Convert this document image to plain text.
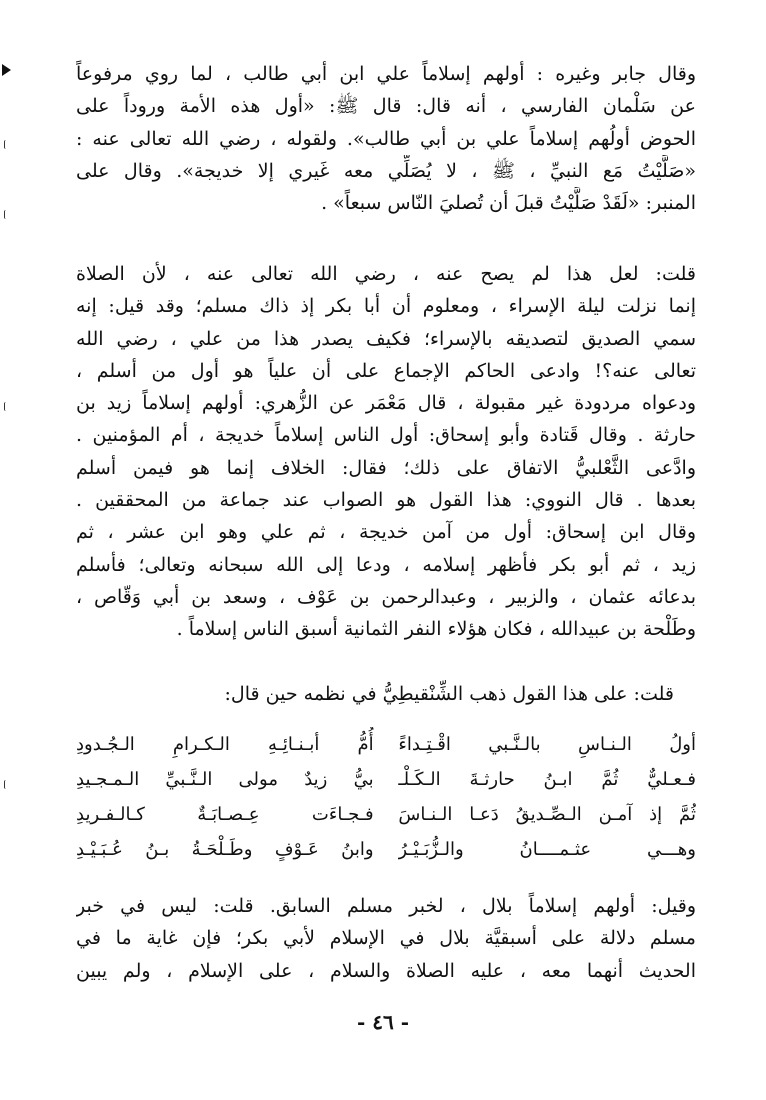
وقال جابر وغيره : أولهم إسلاماً علي ابن أبي طالب ، لما روي مرفوعاً
عن سَلْمان الفارسي ، أنه قال: قال ﷺ: «أول هذه الأمة وروداً على
الحوض أولُهم إسلاماً علي بن أبي طالب». ولقوله ، رضي الله تعالى عنه :
«صَلَّيْتُ مَع النبيِّ ، ﷺ ، لا يُصَلِّي معه غَيري إلا خديجة». وقال على
المنبر: «لَقَدْ صَلَّيْتُ قبلَ أن تُصليَ النّاس سبعاً» .
قلت: لعل هذا لم يصح عنه ، رضي الله تعالى عنه ، لأن الصلاة
إنما نزلت ليلة الإسراء ، ومعلوم أن أبا بكر إذ ذاك مسلم؛ وقد قيل: إنه
سمي الصديق لتصديقه بالإسراء؛ فكيف يصدر هذا من علي ، رضي الله
تعالى عنه؟! وادعى الحاكم الإجماع على أن علياً هو أول من أسلم ،
ودعواه مردودة غير مقبولة ، قال مَعْمَر عن الزُّهري: أولهم إسلاماً زيد بن
حارثة . وقال قَتادة وأبو إسحاق: أول الناس إسلاماً خديجة ، أم المؤمنين .
وادَّعى الثَّعْلبيُّ الاتفاق على ذلك؛ فقال: الخلاف إنما هو فيمن أسلم
بعدها . قال النووي: هذا القول هو الصواب عند جماعة من المحققين .
وقال ابن إسحاق: أول من آمن خديجة ، ثم علي وهو ابن عشر ، ثم
زيد ، ثم أبو بكر فأظهر إسلامه ، ودعا إلى الله سبحانه وتعالى؛ فأسلم
بدعائه عثمان ، والزبير ، وعبدالرحمن بن عَوْف ، وسعد بن أبي وَقّاص ،
وطَلْحة بن عبيدالله ، فكان هؤلاء النفر الثمانية أسبق الناس إسلاماً .
قلت: على هذا القول ذهب الشِّنْقيطِيُّ في نظمه حين قال:
أولُ الـنـاسِ بالـنَّـبي اقْـتِـداءً
أُمُّ أبـنـائِـهِ الـكـرامِ الـجُـدودِ
فـعـليٌّ ثُمَّ ابـنُ حارثـةَ الـكَـلْـ
بيُّ زيدٌ مولى الـنَّـبيِّ الـمـجـيدِ
ثُمَّ إذ آمـن الـصِّـديقُ دَعـا الـنـاسَ
فـجـاءَت عِـصـابَـةٌ كـالـفـريدِ
وهـــي عثـمــــانُ والـزُّبَـيْـرُ
وابنُ عَـوْفٍ وطَـلْحَـةُ بـنُ عُـبَـيْـدِ
وقيل: أولهم إسلاماً بلال ، لخبر مسلم السابق. قلت: ليس في خبر
مسلم دلالة على أسبقيَّة بلال في الإسلام لأبي بكر؛ فإن غاية ما في
الحديث أنهما معه ، عليه الصلاة والسلام ، على الإسلام ، ولم يبين
- ٤٦ -
